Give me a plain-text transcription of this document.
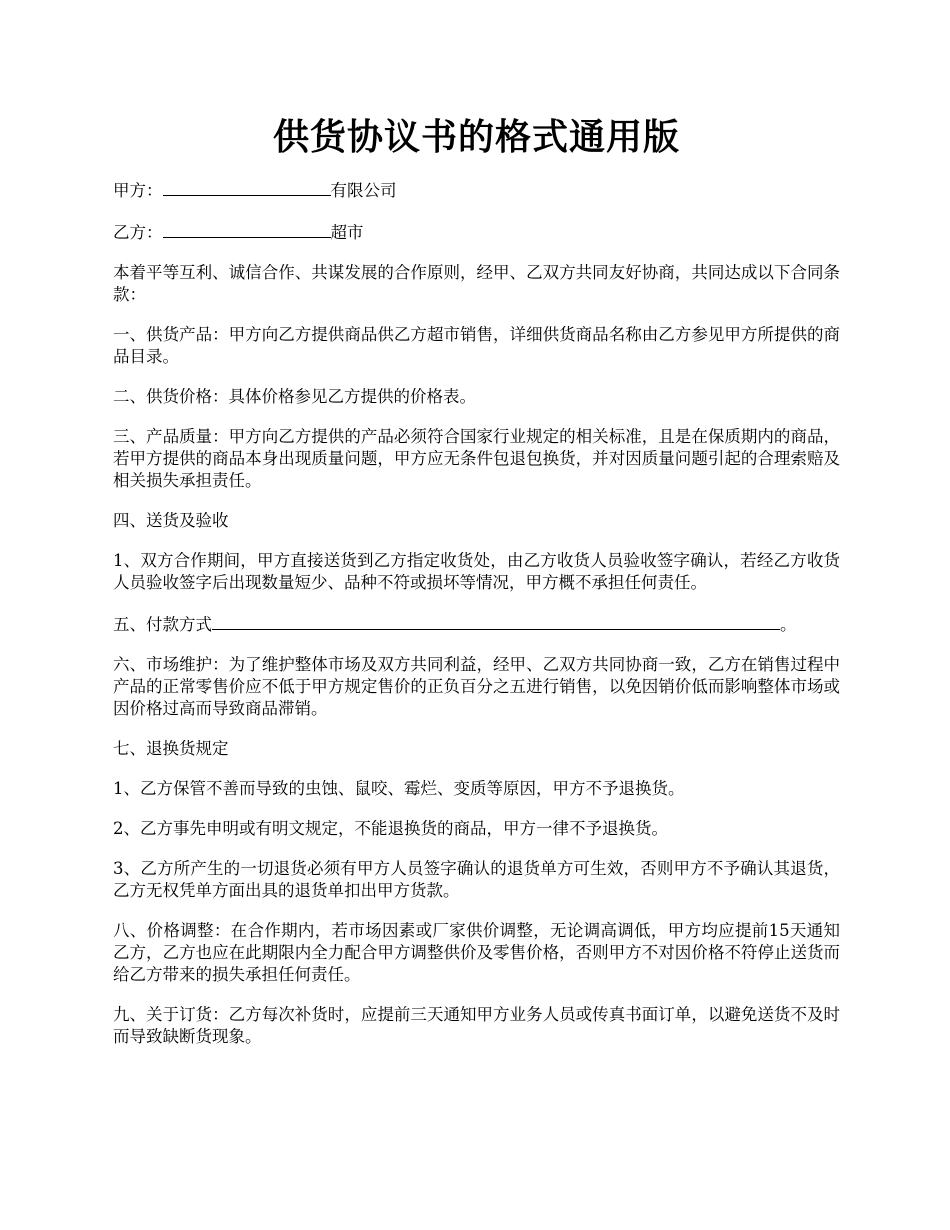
供货协议书的格式通用版

甲方：	有限公司

乙方：	超市

本着平等互利、诚信合作、共谋发展的合作原则，经甲、乙双方共同友好协商，共同达成以下合同条款：

一、供货产品：甲方向乙方提供商品供乙方超市销售，详细供货商品名称由乙方参见甲方所提供的商品目录。

二、供货价格：具体价格参见乙方提供的价格表。

三、产品质量：甲方向乙方提供的产品必须符合国家行业规定的相关标准，且是在保质期内的商品，若甲方提供的商品本身出现质量问题，甲方应无条件包退包换货，并对因质量问题引起的合理索赔及相关损失承担责任。

四、送货及验收

1、双方合作期间，甲方直接送货到乙方指定收货处，由乙方收货人员验收签字确认，若经乙方收货人员验收签字后出现数量短少、品种不符或损坏等情况，甲方概不承担任何责任。

五、付款方式	。

六、市场维护：为了维护整体市场及双方共同利益，经甲、乙双方共同协商一致，乙方在销售过程中产品的正常零售价应不低于甲方规定售价的正负百分之五进行销售，以免因销价低而影响整体市场或因价格过高而导致商品滞销。

七、退换货规定

1、乙方保管不善而导致的虫蚀、鼠咬、霉烂、变质等原因，甲方不予退换货。

2、乙方事先申明或有明文规定，不能退换货的商品，甲方一律不予退换货。

3、乙方所产生的一切退货必须有甲方人员签字确认的退货单方可生效，否则甲方不予确认其退货，乙方无权凭单方面出具的退货单扣出甲方货款。

八、价格调整：在合作期内，若市场因素或厂家供价调整，无论调高调低，甲方均应提前15天通知乙方，乙方也应在此期限内全力配合甲方调整供价及零售价格，否则甲方不对因价格不符停止送货而给乙方带来的损失承担任何责任。

九、关于订货：乙方每次补货时，应提前三天通知甲方业务人员或传真书面订单，以避免送货不及时而导致缺断货现象。
